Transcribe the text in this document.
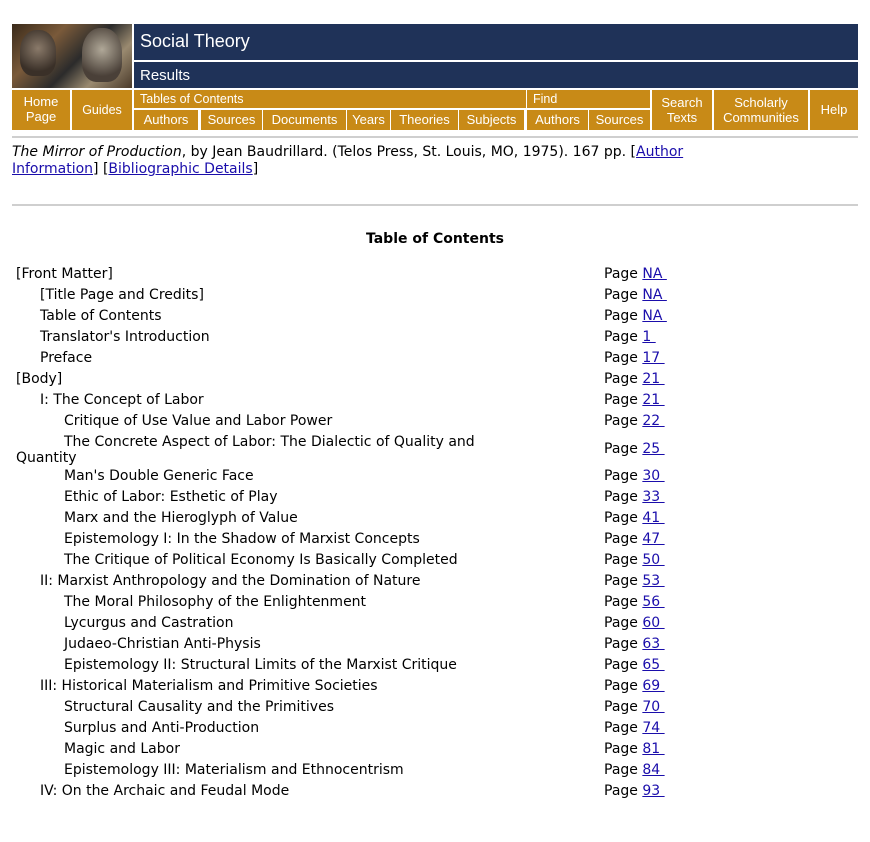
Social Theory
Results
Home
Page	Guides
Tables of Contents
Authors	Sources	Documents	Years	Theories	Subjects
Find
Authors	Sources
Search
Texts
Scholarly
Communities
Help
The Mirror of Production, by Jean Baudrillard. (Telos Press, St. Louis, MO, 1975). 167 pp. [Author
Information] [Bibliographic Details]
Table of Contents
[Front Matter]	Page NA
[Title Page and Credits]	Page NA
Table of Contents	Page NA
Translator's Introduction	Page 1
Preface	Page 17
[Body]	Page 21
I: The Concept of Labor	Page 21
Critique of Use Value and Labor Power	Page 22
The Concrete Aspect of Labor: The Dialectic of Quality and
Quantity
Page 25
Man's Double Generic Face	Page 30
Ethic of Labor: Esthetic of Play	Page 33
Marx and the Hieroglyph of Value	Page 41
Epistemology I: In the Shadow of Marxist Concepts	Page 47
The Critique of Political Economy Is Basically Completed	Page 50
II: Marxist Anthropology and the Domination of Nature	Page 53
The Moral Philosophy of the Enlightenment	Page 56
Lycurgus and Castration	Page 60
Judaeo-Christian Anti-Physis	Page 63
Epistemology II: Structural Limits of the Marxist Critique	Page 65
III: Historical Materialism and Primitive Societies	Page 69
Structural Causality and the Primitives	Page 70
Surplus and Anti-Production	Page 74
Magic and Labor	Page 81
Epistemology III: Materialism and Ethnocentrism	Page 84
IV: On the Archaic and Feudal Mode	Page 93
